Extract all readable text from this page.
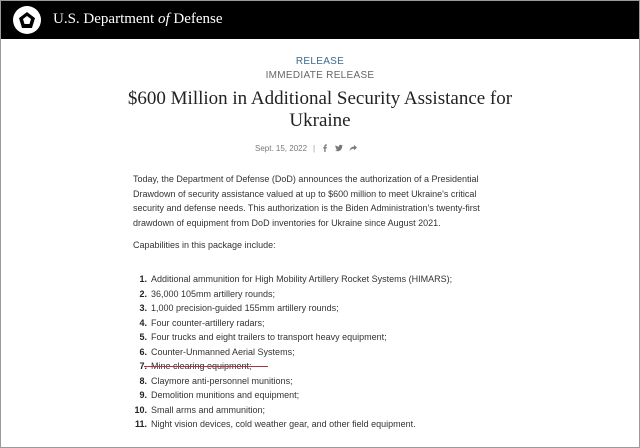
U.S. Department of Defense
RELEASE
IMMEDIATE RELEASE
$600 Million in Additional Security Assistance for Ukraine
Sept. 15, 2022 |
Today, the Department of Defense (DoD) announces the authorization of a Presidential Drawdown of security assistance valued at up to $600 million to meet Ukraine's critical security and defense needs. This authorization is the Biden Administration's twenty-first drawdown of equipment from DoD inventories for Ukraine since August 2021.
Capabilities in this package include:
1. Additional ammunition for High Mobility Artillery Rocket Systems (HIMARS);
2. 36,000 105mm artillery rounds;
3. 1,000 precision-guided 155mm artillery rounds;
4. Four counter-artillery radars;
5. Four trucks and eight trailers to transport heavy equipment;
6. Counter-Unmanned Aerial Systems;
7. Mine clearing equipment;
8. Claymore anti-personnel munitions;
9. Demolition munitions and equipment;
10. Small arms and ammunition;
11. Night vision devices, cold weather gear, and other field equipment.
